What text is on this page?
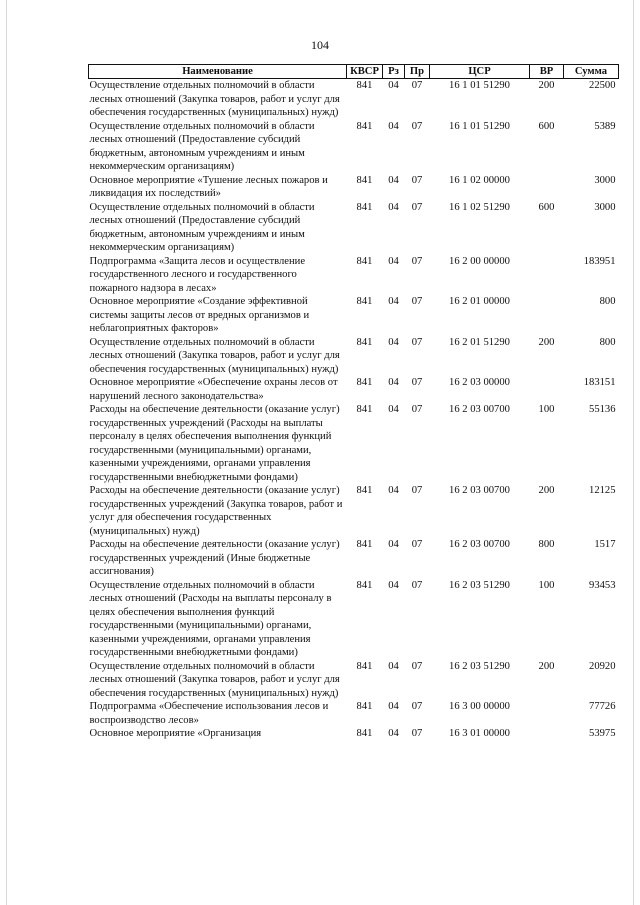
104
Наименование	КВСР	Рз	Пр	ЦСР	ВР	Сумма
Осуществление отдельных полномочий в области лесных отношений (Закупка товаров, работ и услуг для обеспечения государственных (муниципальных) нужд)	841	04	07	16 1 01 51290	200	22500
Осуществление отдельных полномочий в области лесных отношений (Предоставление субсидий бюджетным, автономным учреждениям и иным некоммерческим организациям)	841	04	07	16 1 01 51290	600	5389
Основное мероприятие «Тушение лесных пожаров и ликвидация их последствий»	841	04	07	16 1 02 00000		3000
Осуществление отдельных полномочий в области лесных отношений (Предоставление субсидий бюджетным, автономным учреждениям и иным некоммерческим организациям)	841	04	07	16 1 02 51290	600	3000
Подпрограмма «Защита лесов и осуществление государственного лесного и государственного пожарного надзора в лесах»	841	04	07	16 2 00 00000		183951
Основное мероприятие «Создание эффективной системы защиты лесов от вредных организмов и неблагоприятных факторов»	841	04	07	16 2 01 00000		800
Осуществление отдельных полномочий в области лесных отношений (Закупка товаров, работ и услуг для обеспечения государственных (муниципальных) нужд)	841	04	07	16 2 01 51290	200	800
Основное мероприятие «Обеспечение охраны лесов от нарушений лесного законодательства»	841	04	07	16 2 03 00000		183151
Расходы на обеспечение деятельности (оказание услуг) государственных учреждений (Расходы на выплаты персоналу в целях обеспечения выполнения функций государственными (муниципальными) органами, казенными учреждениями, органами управления государственными внебюджетными фондами)	841	04	07	16 2 03 00700	100	55136
Расходы на обеспечение деятельности (оказание услуг) государственных учреждений (Закупка товаров, работ и услуг для обеспечения государственных (муниципальных) нужд)	841	04	07	16 2 03 00700	200	12125
Расходы на обеспечение деятельности (оказание услуг) государственных учреждений (Иные бюджетные ассигнования)	841	04	07	16 2 03 00700	800	1517
Осуществление отдельных полномочий в области лесных отношений (Расходы на выплаты персоналу в целях обеспечения выполнения функций государственными (муниципальными) органами, казенными учреждениями, органами управления государственными внебюджетными фондами)	841	04	07	16 2 03 51290	100	93453
Осуществление отдельных полномочий в области лесных отношений (Закупка товаров, работ и услуг для обеспечения государственных (муниципальных) нужд)	841	04	07	16 2 03 51290	200	20920
Подпрограмма «Обеспечение использования лесов и воспроизводство лесов»	841	04	07	16 3 00 00000		77726
Основное мероприятие «Организация	841	04	07	16 3 01 00000		53975
